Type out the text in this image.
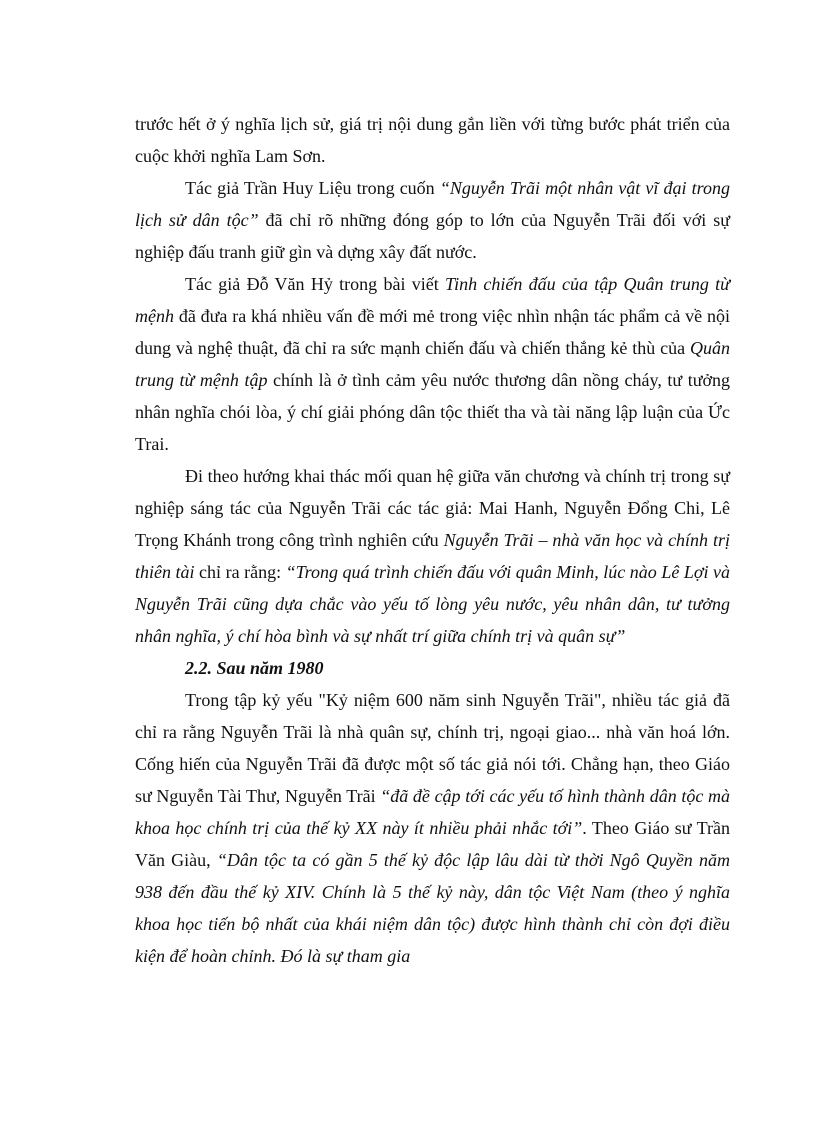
trước hết ở ý nghĩa lịch sử, giá trị nội dung gắn liền với từng bước phát triển của cuộc khởi nghĩa Lam Sơn.

Tác giả Trần Huy Liệu trong cuốn “Nguyễn Trãi một nhân vật vĩ đại trong lịch sử dân tộc” đã chỉ rõ những đóng góp to lớn của Nguyễn Trãi đối với sự nghiệp đấu tranh giữ gìn và dựng xây đất nước.

Tác giả Đỗ Văn Hỷ trong bài viết Tinh chiến đấu của tập Quân trung từ mệnh đã đưa ra khá nhiều vấn đề mới mẻ trong việc nhìn nhận tác phẩm cả về nội dung và nghệ thuật, đã chỉ ra sức mạnh chiến đấu và chiến thắng kẻ thù của Quân trung từ mệnh tập chính là ở tình cảm yêu nước thương dân nồng cháy, tư tưởng nhân nghĩa chói lòa, ý chí giải phóng dân tộc thiết tha và tài năng lập luận của Ức Trai.

Đi theo hướng khai thác mối quan hệ giữa văn chương và chính trị trong sự nghiệp sáng tác của Nguyễn Trãi các tác giả: Mai Hanh, Nguyễn Đổng Chi, Lê Trọng Khánh trong công trình nghiên cứu Nguyễn Trãi – nhà văn học và chính trị thiên tài chỉ ra rằng: “Trong quá trình chiến đấu với quân Minh, lúc nào Lê Lợi và Nguyễn Trãi cũng dựa chắc vào yếu tố lòng yêu nước, yêu nhân dân, tư tưởng nhân nghĩa, ý chí hòa bình và sự nhất trí giữa chính trị và quân sự”

2.2. Sau năm 1980

Trong tập kỷ yếu "Kỷ niệm 600 năm sinh Nguyễn Trãi", nhiều tác giả đã chỉ ra rằng Nguyễn Trãi là nhà quân sự, chính trị, ngoại giao... nhà văn hoá lớn. Cống hiến của Nguyễn Trãi đã được một số tác giả nói tới. Chẳng hạn, theo Giáo sư Nguyễn Tài Thư, Nguyễn Trãi “đã đề cập tới các yếu tố hình thành dân tộc mà khoa học chính trị của thế kỷ XX này ít nhiều phải nhắc tới”. Theo Giáo sư Trần Văn Giàu, “Dân tộc ta có gần 5 thế kỷ độc lập lâu dài từ thời Ngô Quyền năm 938 đến đầu thế kỷ XIV. Chính là 5 thế kỷ này, dân tộc Việt Nam (theo ý nghĩa khoa học tiến bộ nhất của khái niệm dân tộc) được hình thành chỉ còn đợi điều kiện để hoàn chỉnh. Đó là sự tham gia
